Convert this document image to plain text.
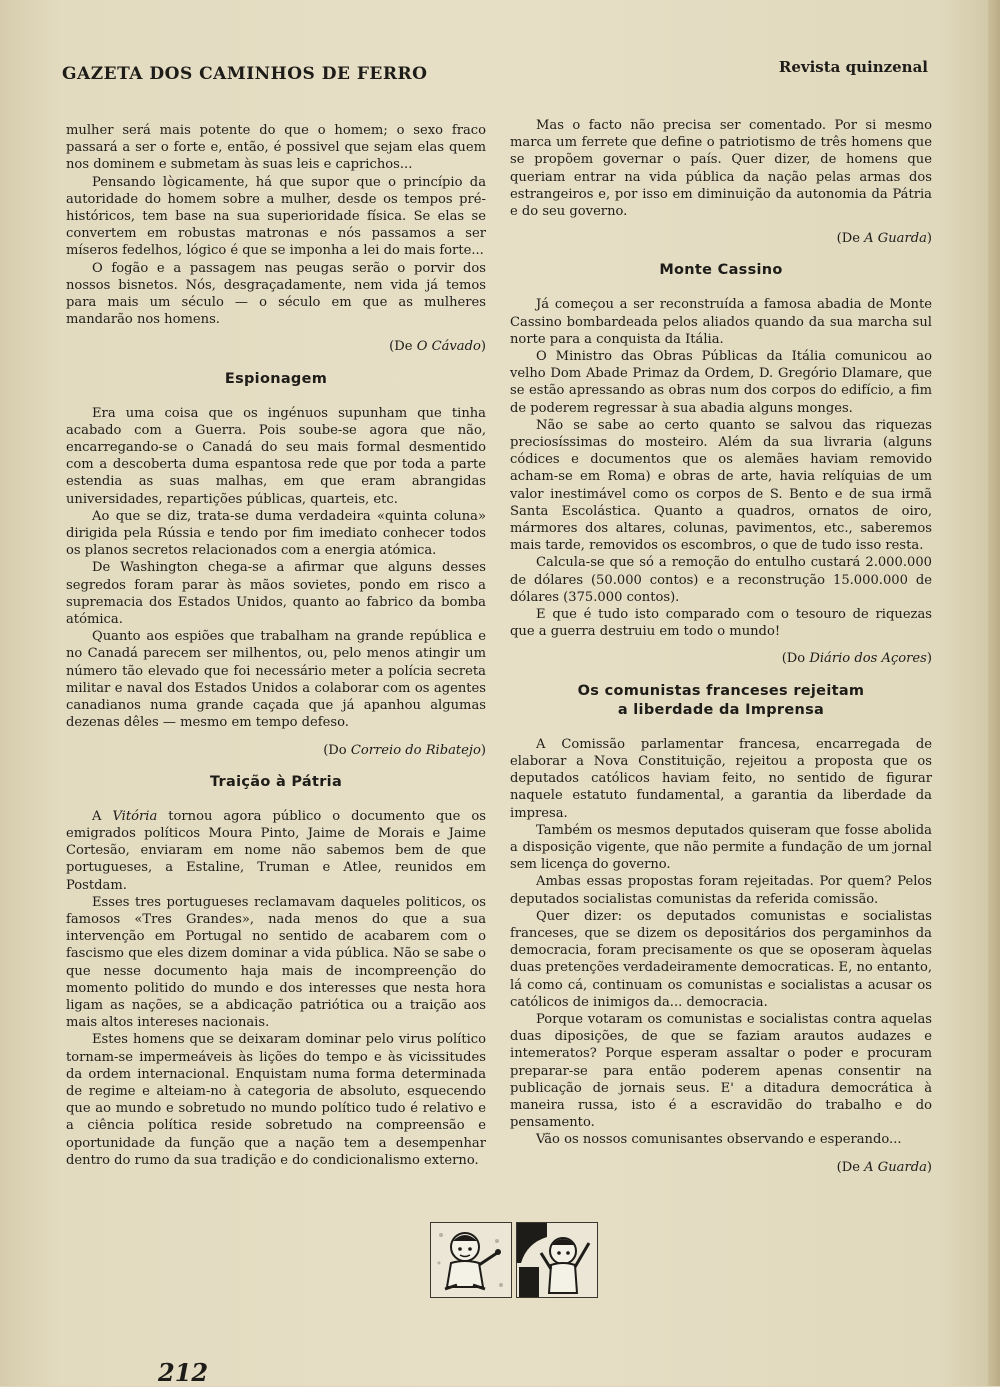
GAZETA DOS CAMINHOS DE FERRO	Revista quinzenal

mulher será mais potente do que o homem; o sexo fraco passará a ser o forte e, então, é possivel que sejam elas quem nos dominem e submetam às suas leis e caprichos...

Pensando lògicamente, há que supor que o princípio da autoridade do homem sobre a mulher, desde os tempos pré-históricos, tem base na sua superioridade física. Se elas se convertem em robustas matronas e nós passamos a ser míseros fedelhos, lógico é que se imponha a lei do mais forte...

O fogão e a passagem nas peugas serão o porvir dos nossos bisnetos. Nós, desgraçadamente, nem vida já temos para mais um século — o século em que as mulheres mandarão nos homens.

(De O Cávado)
Espionagem

Era uma coisa que os ingénuos supunham que tinha acabado com a Guerra. Pois soube-se agora que não, encarregando-se o Canadá do seu mais formal desmentido com a descoberta duma espantosa rede que por toda a parte estendia as suas malhas, em que eram abrangidas universidades, repartições públicas, quarteis, etc.

Ao que se diz, trata-se duma verdadeira «quinta coluna» dirigida pela Rússia e tendo por fim imediato conhecer todos os planos secretos relacionados com a energia atómica.

De Washington chega-se a afirmar que alguns desses segredos foram parar às mãos sovietes, pondo em risco a supremacia dos Estados Unidos, quanto ao fabrico da bomba atómica.

Quanto aos espiões que trabalham na grande república e no Canadá parecem ser milhentos, ou, pelo menos atingir um número tão elevado que foi necessário meter a polícia secreta militar e naval dos Estados Unidos a colaborar com os agentes canadianos numa grande caçada que já apanhou algumas dezenas dêles — mesmo em tempo defeso.

(Do Correio do Ribatejo)
Traição à Pátria

A Vitória tornou agora público o documento que os emigrados políticos Moura Pinto, Jaime de Morais e Jaime Cortesão, enviaram em nome não sabemos bem de que portugueses, a Estaline, Truman e Atlee, reunidos em Postdam.

Esses tres portugueses reclamavam daqueles politicos, os famosos «Tres Grandes», nada menos do que a sua intervenção em Portugal no sentido de acabarem com o fascismo que eles dizem dominar a vida pública. Não se sabe o que nesse documento haja mais de incompreenção do momento politido do mundo e dos interesses que nesta hora ligam as nações, se a abdicação patriótica ou a traição aos mais altos intereses nacionais.

Estes homens que se deixaram dominar pelo virus político tornam-se impermeáveis às lições do tempo e às vicissitudes da ordem internacional. Enquistam numa forma determinada de regime e alteiam-no à categoria de absoluto, esquecendo que ao mundo e sobretudo no mundo político tudo é relativo e a ciência política reside sobretudo na compreensão e oportunidade da função que a nação tem a desempenhar dentro do rumo da sua tradição e do condicionalismo externo.

Mas o facto não precisa ser comentado. Por si mesmo marca um ferrete que define o patriotismo de três homens que se propõem governar o país. Quer dizer, de homens que queriam entrar na vida pública da nação pelas armas dos estrangeiros e, por isso em diminuição da autonomia da Pátria e do seu governo.

(De A Guarda)
Monte Cassino

Já começou a ser reconstruída a famosa abadia de Monte Cassino bombardeada pelos aliados quando da sua marcha sul norte para a conquista da Itália.

O Ministro das Obras Públicas da Itália comunicou ao velho Dom Abade Primaz da Ordem, D. Gregório Dlamare, que se estão apressando as obras num dos corpos do edifício, a fim de poderem regressar à sua abadia alguns monges.

Não se sabe ao certo quanto se salvou das riquezas preciosíssimas do mosteiro. Além da sua livraria (alguns códices e documentos que os alemães haviam removido acham-se em Roma) e obras de arte, havia relíquias de um valor inestimável como os corpos de S. Bento e de sua irmã Santa Escolástica. Quanto a quadros, ornatos de oiro, mármores dos altares, colunas, pavimentos, etc., saberemos mais tarde, removidos os escombros, o que de tudo isso resta.

Calcula-se que só a remoção do entulho custará 2.000.000 de dólares (50.000 contos) e a reconstrução 15.000.000 de dólares (375.000 contos).

E que é tudo isto comparado com o tesouro de riquezas que a guerra destruiu em todo o mundo!

(Do Diário dos Açores)
Os comunistas franceses rejeitam
a liberdade da Imprensa

A Comissão parlamentar francesa, encarregada de elaborar a Nova Constituição, rejeitou a proposta que os deputados católicos haviam feito, no sentido de figurar naquele estatuto fundamental, a garantia da liberdade da impresa.

Também os mesmos deputados quiseram que fosse abolida a disposição vigente, que não permite a fundação de um jornal sem licença do governo.

Ambas essas propostas foram rejeitadas. Por quem? Pelos deputados socialistas comunistas da referida comissão.

Quer dizer: os deputados comunistas e socialistas franceses, que se dizem os depositários dos pergaminhos da democracia, foram precisamente os que se oposeram àquelas duas pretenções verdadeiramente democraticas. E, no entanto, lá como cá, continuam os comunistas e socialistas a acusar os católicos de inimigos da... democracia.

Porque votaram os comunistas e socialistas contra aquelas duas diposições, de que se faziam arautos audazes e intemeratos? Porque esperam assaltar o poder e procuram preparar-se para então poderem apenas consentir na publicação de jornais seus. E' a ditadura democrática à maneira russa, isto é a escravidão do trabalho e do pensamento.

Vão os nossos comunisantes observando e esperando...

(De A Guarda)
212
